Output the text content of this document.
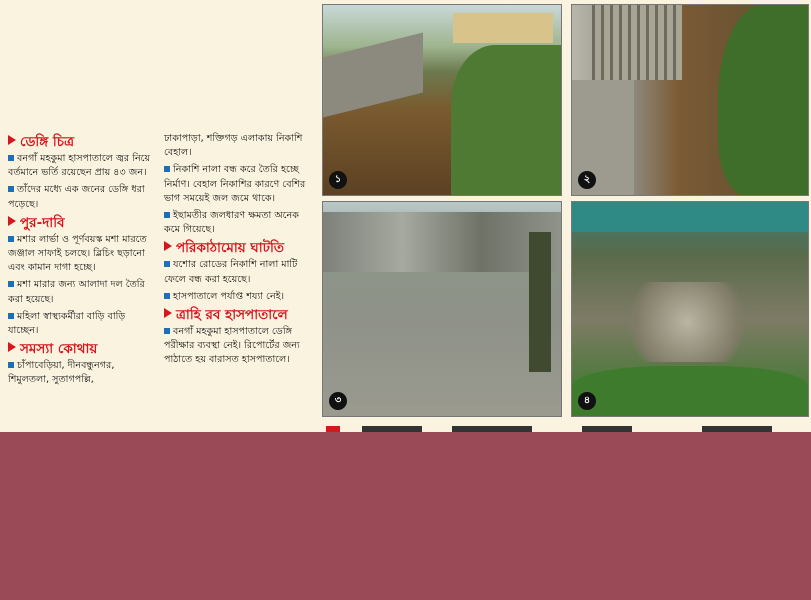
ডেঙ্গি চিত্র
বনগাঁ মহকুমা হাসপাতালে জ্বর নিয়ে বর্তমানে ভর্তি রয়েছেন প্রায় ৪৩ জন।
তাঁদের মধ্যে এক জনের ডেঙ্গি ধরা পড়েছে।
পুর-দাবি
মশার লার্ভা ও পূর্ণবয়স্ক মশা মারতে জঞ্জাল সাফাই চলছে। ব্লিচিং ছড়ানো এবং কামান দাগা হচ্ছে।
মশা মারার জন্য আলাদা দল তৈরি করা হয়েছে।
মহিলা স্বাস্থ্যকর্মীরা বাড়ি বাড়ি যাচ্ছেন।
সমস্যা কোথায়
চাঁপাবেড়িয়া, দীনবন্ধুনগর, শিমুলতলা, সুতাগপল্লি,
ঢাকাপাড়া, শক্তিগড় এলাকায় নিকাশি বেহাল।
নিকাশি নালা বন্ধ করে তৈরি হচ্ছে নির্মাণ। বেহাল নিকাশির কারণে বেশির ভাগ সময়েই জল জমে থাকে।
ইছামতীর জলধারণ ক্ষমতা অনেক কমে গিয়েছে।
পরিকাঠামোয় ঘাটতি
যশোর রোডের নিকাশি নালা মাটি ফেলে বন্ধ করা হয়েছে।
হাসপাতালে পর্যাপ্ত শয্যা নেই।
ত্রাহি রব হাসপাতালে
বনগাঁ মহকুমা হাসপাতালে ডেঙ্গি পরীক্ষার ব্যবস্থা নেই। রিপোর্টের জন্য পাঠাতে হয় বারাসত হাসপাতালে।
১	২
৩	৪
